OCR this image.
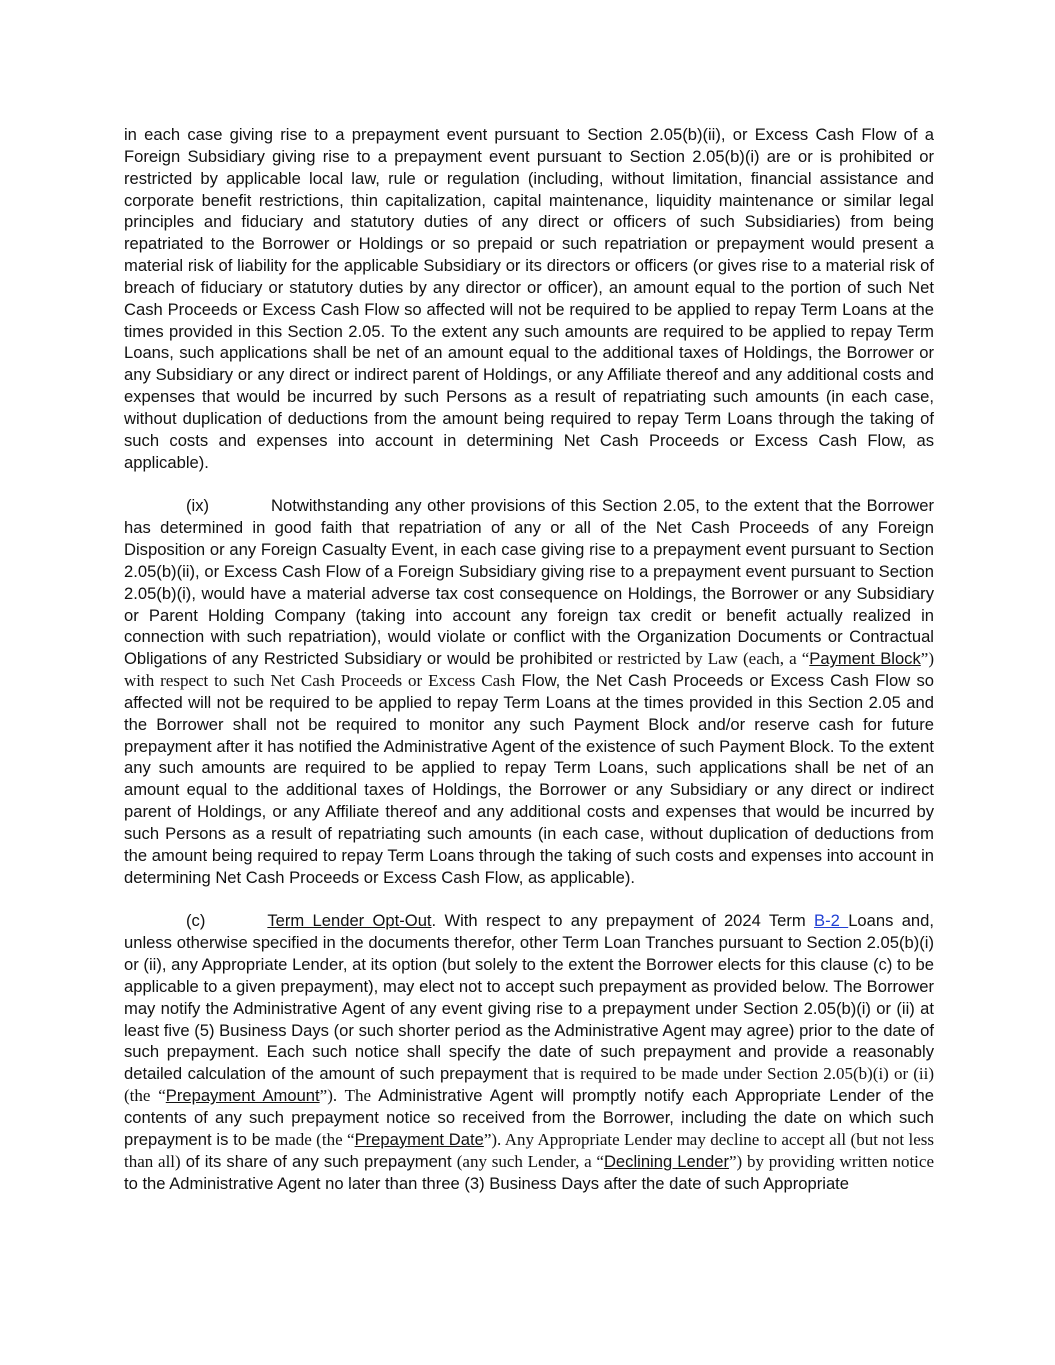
in each case giving rise to a prepayment event pursuant to Section 2.05(b)(ii), or Excess Cash Flow of a Foreign Subsidiary giving rise to a prepayment event pursuant to Section 2.05(b)(i) are or is prohibited or restricted by applicable local law, rule or regulation (including, without limitation, financial assistance and corporate benefit restrictions, thin capitalization, capital maintenance, liquidity maintenance or similar legal principles and fiduciary and statutory duties of any direct or officers of such Subsidiaries) from being repatriated to the Borrower or Holdings or so prepaid or such repatriation or prepayment would present a material risk of liability for the applicable Subsidiary or its directors or officers (or gives rise to a material risk of breach of fiduciary or statutory duties by any director or officer), an amount equal to the portion of such Net Cash Proceeds or Excess Cash Flow so affected will not be required to be applied to repay Term Loans at the times provided in this Section 2.05. To the extent any such amounts are required to be applied to repay Term Loans, such applications shall be net of an amount equal to the additional taxes of Holdings, the Borrower or any Subsidiary or any direct or indirect parent of Holdings, or any Affiliate thereof and any additional costs and expenses that would be incurred by such Persons as a result of repatriating such amounts (in each case, without duplication of deductions from the amount being required to repay Term Loans through the taking of such costs and expenses into account in determining Net Cash Proceeds or Excess Cash Flow, as applicable).

(ix)	Notwithstanding any other provisions of this Section 2.05, to the extent that the Borrower has determined in good faith that repatriation of any or all of the Net Cash Proceeds of any Foreign Disposition or any Foreign Casualty Event, in each case giving rise to a prepayment event pursuant to Section 2.05(b)(ii), or Excess Cash Flow of a Foreign Subsidiary giving rise to a prepayment event pursuant to Section 2.05(b)(i), would have a material adverse tax cost consequence on Holdings, the Borrower or any Subsidiary or Parent Holding Company (taking into account any foreign tax credit or benefit actually realized in connection with such repatriation), would violate or conflict with the Organization Documents or Contractual Obligations of any Restricted Subsidiary or would be prohibited or restricted by Law (each, a “Payment Block”) with respect to such Net Cash Proceeds or Excess Cash Flow, the Net Cash Proceeds or Excess Cash Flow so affected will not be required to be applied to repay Term Loans at the times provided in this Section 2.05 and the Borrower shall not be required to monitor any such Payment Block and/or reserve cash for future prepayment after it has notified the Administrative Agent of the existence of such Payment Block. To the extent any such amounts are required to be applied to repay Term Loans, such applications shall be net of an amount equal to the additional taxes of Holdings, the Borrower or any Subsidiary or any direct or indirect parent of Holdings, or any Affiliate thereof and any additional costs and expenses that would be incurred by such Persons as a result of repatriating such amounts (in each case, without duplication of deductions from the amount being required to repay Term Loans through the taking of such costs and expenses into account in determining Net Cash Proceeds or Excess Cash Flow, as applicable).

(c)	Term Lender Opt-Out. With respect to any prepayment of 2024 Term B-2 Loans and, unless otherwise specified in the documents therefor, other Term Loan Tranches pursuant to Section 2.05(b)(i) or (ii), any Appropriate Lender, at its option (but solely to the extent the Borrower elects for this clause (c) to be applicable to a given prepayment), may elect not to accept such prepayment as provided below. The Borrower may notify the Administrative Agent of any event giving rise to a prepayment under Section 2.05(b)(i) or (ii) at least five (5) Business Days (or such shorter period as the Administrative Agent may agree) prior to the date of such prepayment. Each such notice shall specify the date of such prepayment and provide a reasonably detailed calculation of the amount of such prepayment that is required to be made under Section 2.05(b)(i) or (ii) (the “Prepayment Amount”). The Administrative Agent will promptly notify each Appropriate Lender of the contents of any such prepayment notice so received from the Borrower, including the date on which such prepayment is to be made (the “Prepayment Date”). Any Appropriate Lender may decline to accept all (but not less than all) of its share of any such prepayment (any such Lender, a “Declining Lender”) by providing written notice to the Administrative Agent no later than three (3) Business Days after the date of such Appropriate
